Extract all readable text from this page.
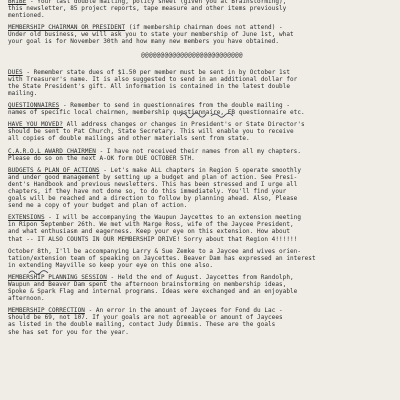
BRIBE - Your last double mailing, policy sheet (given you at Brainstorming),
this newsletter, 85 project reports, tape measure and other items previously
mentioned.

MEMBERSHIP CHAIRMAN OR PRESIDENT (if membership chairman does not attend) -
Under old business, we will ask you to state your membership of June 1st, what
your goal is for November 30th and how many new members you have obtained.

@@@@@@@@@@@@@@@@@@@@@@@@@@

DUES - Remember state dues of $1.50 per member must be sent in by October 1st
with Treasurer's name. It is also suggested to send in an additional dollar for
the State President's gift. All information is contained in the latest double
mailing.

QUESTIONNAIRES - Remember to send in questionnaires from the double mailing -
names of specific local chairmen, membership questionnaire, FB questionnaire etc.

HAVE YOU MOVED? All address changes or changes in President's or State Director's
should be sent to Pat Church, State Secretary. This will enable you to receive
all copies of double mailings and other materials sent from state.

C.A.R.O.L AWARD CHAIRMEN - I have not received their names from all my chapters.
Please do so on the next A-OK form DUE OCTOBER 5TH.

BUDGETS & PLAN OF ACTIONS - Let's make ALL chapters in Region 5 operate smoothly
and under good management by setting up a budget and plan of action. See Presi-
dent's Handbook and previous newsletters. This has been stressed and I urge all
chapters, if they have not done so, to do this immediately. You'll find your
goals will be reached and a direction to follow by planning ahead. Also, Please
send me a copy of your budget and plan of action.

EXTENSIONS - I will be accompanying the Waupun Jaycettes to an extension meeting
in Ripon September 26th. We met with Marge Ross, wife of the Jaycee President,
and what enthusiasm and eagerness. Keep your eye on this extension. How about
that -- IT ALSO COUNTS IN OUR MEMBERSHIP DRIVE! Sorry about that Region 4!!!!!!

October 8th, I'll be accompanying Larry & Sue Zemke to a Jaycee and wives orien-
tation/extension team of speaking on Jaycettes. Beaver Dam has expressed an interest
in extending Mayville so keep your eye on this one also.

MEMBERSHIP PLANNING SESSION - Held the end of August. Jaycettes from Randolph,
Waupun and Beaver Dam spent the afternoon brainstorming on membership ideas,
Spoke & Spark Flag and internal programs. Ideas were exchanged and an enjoyable
afternoon.

MEMBERSHIP CORRECTION - An error in the amount of Jaycees for Fond du Lac -
should be 69, not 107. If your goals are not agreeable or amount of Jaycees
as listed in the double mailing, contact Judy Dimmis. These are the goals
she has set for you for the year.
